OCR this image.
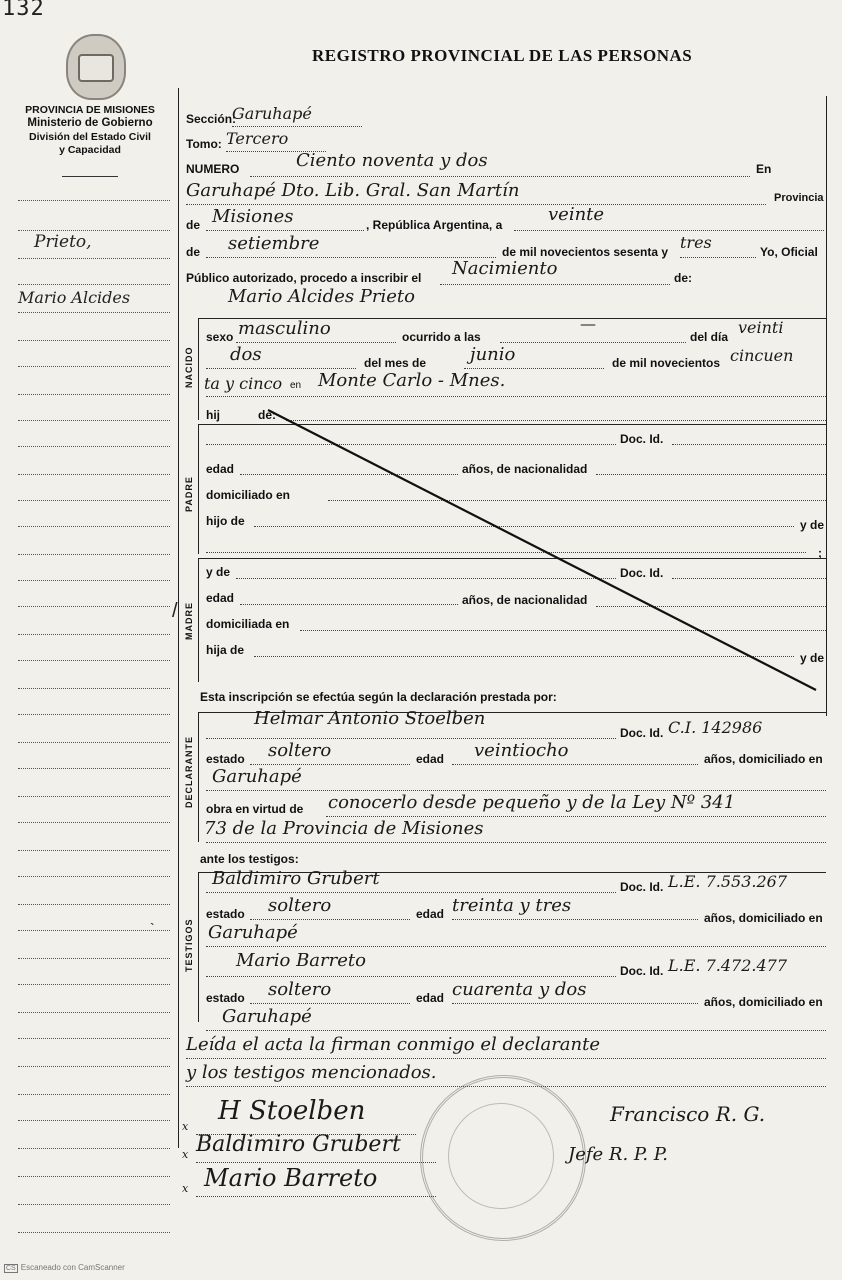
132
REGISTRO PROVINCIAL DE LAS PERSONAS
PROVINCIA DE MISIONES
Ministerio de Gobierno
División del Estado Civil
y Capacidad
Prieto,
Mario Alcides
`
Sección:
Garuhapé
Tomo: Tercero
NUMERO	Ciento noventa y dos	En
Garuhapé Dto. Lib. Gral. San Martín	Provincia
de Misiones	, República Argentina, a	veinte
de setiembre	de mil novecientos sesenta y tres	Yo, Oficial
Público autorizado, procedo a inscribir el Nacimiento	de:
NACIDO
Mario Alcides Prieto
sexo masculino	ocurrido a las
—
del día veinti
dos	del mes de junio	de mil novecientos cincuen
ta y cinco en Monte Carlo - Mnes.
hij	de:
PADRE
Doc. Id.
edad	años, de nacionalidad
domiciliado en
hijo de	y de
;
MADRE
/
y de	Doc. Id.
edad	años, de nacionalidad
domiciliada en
hija de
y de
Esta inscripción se efectúa según la declaración prestada por:
DECLARANTE
Helmar Antonio Stoelben
Doc. Id. C.I. 142986
estado soltero	edad veintiocho	años, domiciliado en
Garuhapé
obra en virtud de conocerlo desde pequeño y de la Ley Nº 341
73 de la Provincia de Misiones
ante los testigos:
TESTIGOS
Baldimiro Grubert	Doc. Id. L.E. 7.553.267
estado soltero	edad treinta y tres
años, domiciliado en
Garuhapé
Mario Barreto	Doc. Id. L.E. 7.472.477
estado soltero	edad cuarenta y dos
años, domiciliado en
Garuhapé
Leída el acta la firman conmigo el declarante
y los testigos mencionados.
x
H Stoelben
x Baldimiro Grubert
x Mario Barreto
Francisco R. G.
Jefe R. P. P.
CS Escaneado con CamScanner
